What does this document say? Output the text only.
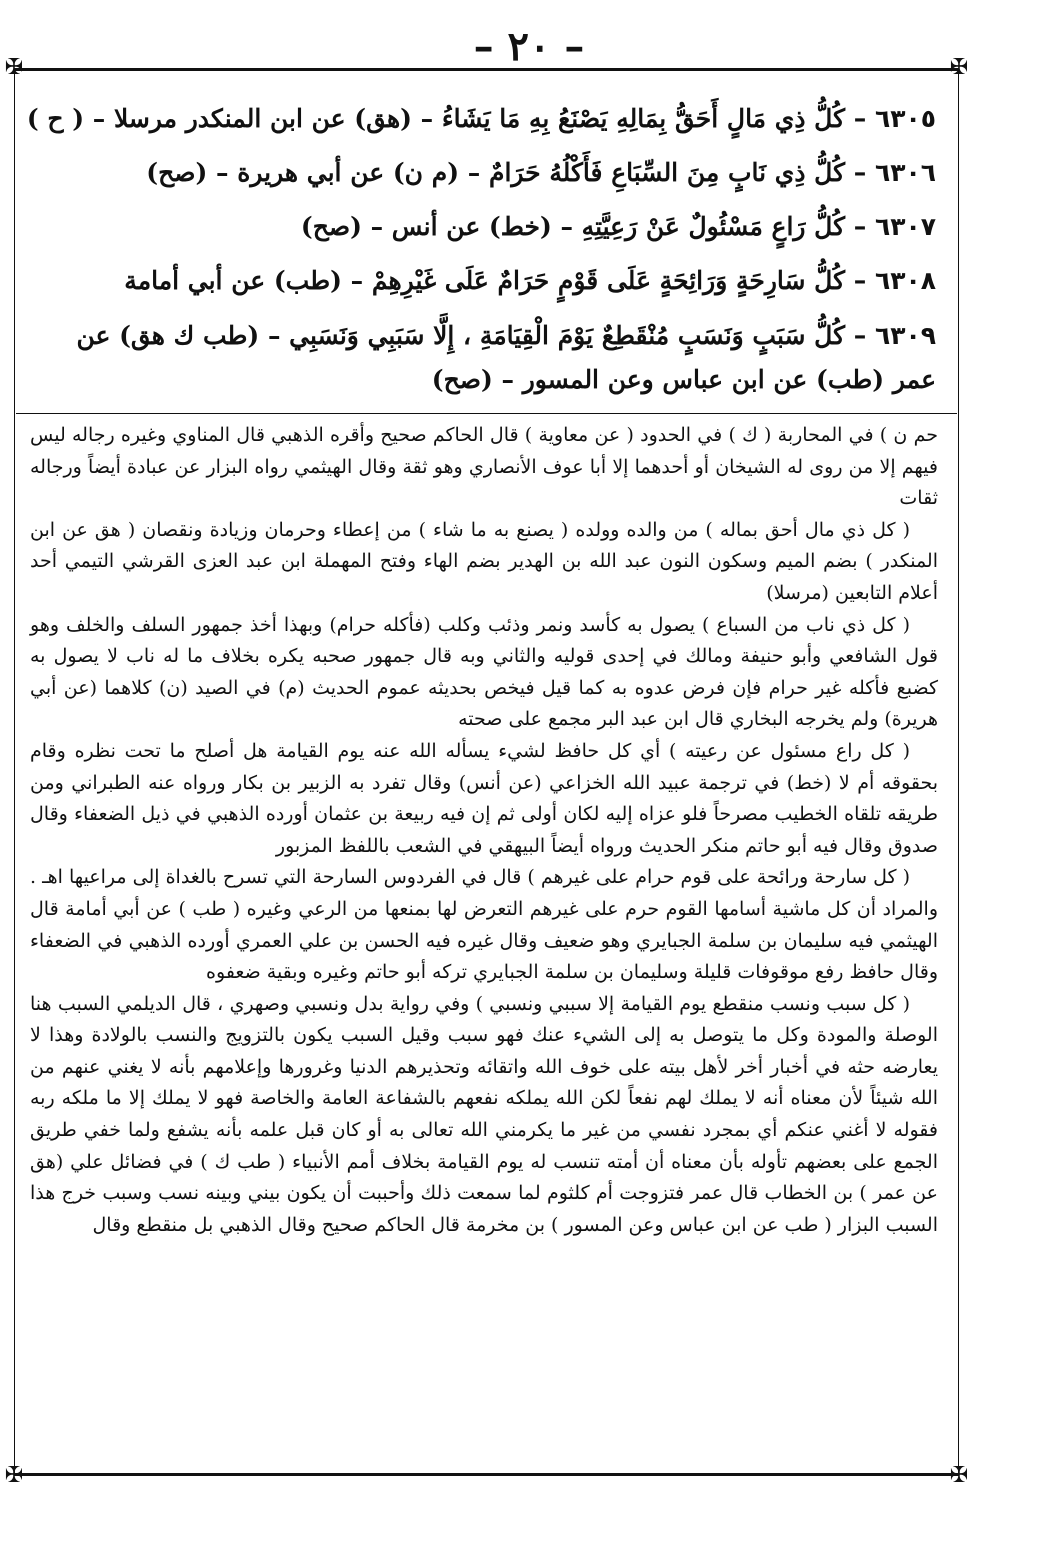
– ٢٠ –
✠	✠
✠	✠

٦٣٠٥ – كُلُّ ذِي مَالٍ أَحَقُّ بِمَالِهِ يَصْنَعُ بِهِ مَا يَشَاءُ – (هق) عن ابن المنكدر مرسلا – ( ح )

٦٣٠٦ – كُلُّ ذِي نَابٍ مِنَ السِّبَاعِ فَأَكْلُهُ حَرَامٌ – (م ن) عن أبي هريرة – (صح)

٦٣٠٧ – كُلُّ رَاعٍ مَسْئُولٌ عَنْ رَعِيَّتِهِ – (خط) عن أنس – (صح)

٦٣٠٨ – كُلُّ سَارِحَةٍ وَرَائِحَةٍ عَلَى قَوْمٍ حَرَامٌ عَلَى غَيْرِهِمْ – (طب) عن أبي أمامة

٦٣٠٩ – كُلُّ سَبَبٍ وَنَسَبٍ مُنْقَطِعٌ يَوْمَ الْقِيَامَةِ ، إِلَّا سَبَبِي وَنَسَبِي – (طب ك هق) عن عمر (طب) عن ابن عباس وعن المسور – (صح)

حم ن ) في المحاربة ( ك ) في الحدود ( عن معاوية ) قال الحاكم صحيح وأقره الذهبي قال المناوي وغيره رجاله ليس فيهم إلا من روى له الشيخان أو أحدهما إلا أبا عوف الأنصاري وهو ثقة وقال الهيثمي رواه البزار عن عبادة أيضاً ورجاله ثقات

( كل ذي مال أحق بماله ) من والده وولده ( يصنع به ما شاء ) من إعطاء وحرمان وزيادة ونقصان ( هق عن ابن المنكدر ) بضم الميم وسكون النون عبد الله بن الهدير بضم الهاء وفتح المهملة ابن عبد العزى القرشي التيمي أحد أعلام التابعين (مرسلا)

( كل ذي ناب من السباع ) يصول به كأسد ونمر وذئب وكلب (فأكله حرام) وبهذا أخذ جمهور السلف والخلف وهو قول الشافعي وأبو حنيفة ومالك في إحدى قوليه والثاني وبه قال جمهور صحبه يكره بخلاف ما له ناب لا يصول به كضبع فأكله غير حرام فإن فرض عدوه به كما قيل فيخص بحديثه عموم الحديث (م) في الصيد (ن) كلاهما (عن أبي هريرة) ولم يخرجه البخاري قال ابن عبد البر مجمع على صحته

( كل راع مسئول عن رعيته ) أي كل حافظ لشيء يسأله الله عنه يوم القيامة هل أصلح ما تحت نظره وقام بحقوقه أم لا (خط) في ترجمة عبيد الله الخزاعي (عن أنس) وقال تفرد به الزبير بن بكار ورواه عنه الطبراني ومن طريقه تلقاه الخطيب مصرحاً فلو عزاه إليه لكان أولى ثم إن فيه ربيعة بن عثمان أورده الذهبي في ذيل الضعفاء وقال صدوق وقال فيه أبو حاتم منكر الحديث ورواه أيضاً البيهقي في الشعب باللفظ المزبور

( كل سارحة ورائحة على قوم حرام على غيرهم ) قال في الفردوس السارحة التي تسرح بالغداة إلى مراعيها اهـ . والمراد أن كل ماشية أسامها القوم حرم على غيرهم التعرض لها بمنعها من الرعي وغيره ( طب ) عن أبي أمامة قال الهيثمي فيه سليمان بن سلمة الجبايري وهو ضعيف وقال غيره فيه الحسن بن علي العمري أورده الذهبي في الضعفاء وقال حافظ رفع موقوفات قليلة وسليمان بن سلمة الجبايري تركه أبو حاتم وغيره وبقية ضعفوه

( كل سبب ونسب منقطع يوم القيامة إلا سببي ونسبي ) وفي رواية بدل ونسبي وصهري ، قال الديلمي السبب هنا الوصلة والمودة وكل ما يتوصل به إلى الشيء عنك فهو سبب وقيل السبب يكون بالتزويج والنسب بالولادة وهذا لا يعارضه حثه في أخبار أخر لأهل بيته على خوف الله واتقائه وتحذيرهم الدنيا وغرورها وإعلامهم بأنه لا يغني عنهم من الله شيئاً لأن معناه أنه لا يملك لهم نفعاً لكن الله يملكه نفعهم بالشفاعة العامة والخاصة فهو لا يملك إلا ما ملكه ربه فقوله لا أغني عنكم أي بمجرد نفسي من غير ما يكرمني الله تعالى به أو كان قبل علمه بأنه يشفع ولما خفي طريق الجمع على بعضهم تأوله بأن معناه أن أمته تنسب له يوم القيامة بخلاف أمم الأنبياء ( طب ك ) في فضائل علي (هق عن عمر ) بن الخطاب قال عمر فتزوجت أم كلثوم لما سمعت ذلك وأحببت أن يكون بيني وبينه نسب وسبب خرج هذا السبب البزار ( طب عن ابن عباس وعن المسور ) بن مخرمة قال الحاكم صحيح وقال الذهبي بل منقطع وقال
